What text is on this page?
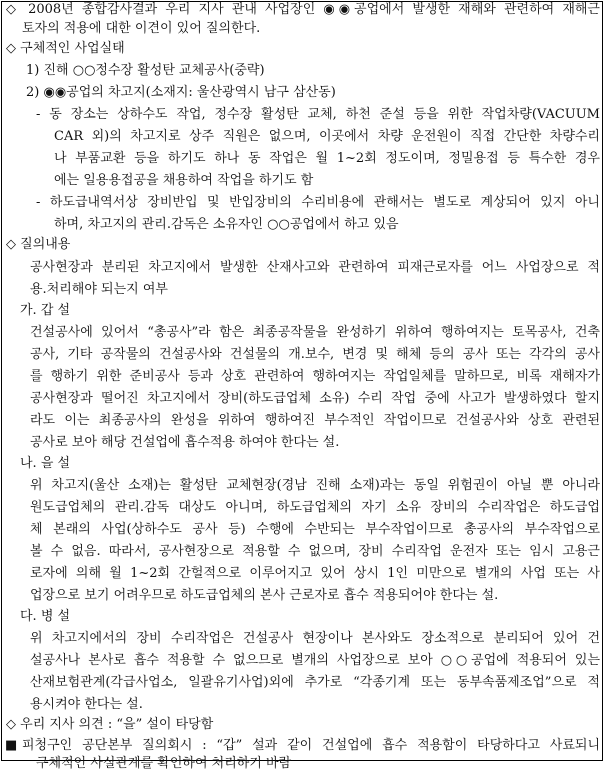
◇ 2008년 종합감사결과 우리 지사 관내 사업장인 ◉◉공업에서 발생한 재해와 관련하여 재해근
토자의 적용에 대한 이견이 있어 질의한다.
◇ 구체적인 사업실태
1) 진해 ○○정수장 활성탄 교체공사(중략)
2) ◉◉공업의 차고지(소재지: 울산광역시 남구 삼산동)
- 동 장소는 상하수도 작업, 정수장 활성탄 교체, 하천 준설 등을 위한 작업차량(VACUUM
CAR 외)의 차고지로 상주 직원은 없으며, 이곳에서 차량 운전원이 직접 간단한 차량수리
나 부품교환 등을 하기도 하나 동 작업은 월 1~2회 정도이며, 정밀용접 등 특수한 경우
에는 일용용접공을 채용하여 작업을 하기도 함
- 하도급내역서상 장비반입 및 반입장비의 수리비용에 관해서는 별도로 계상되어 있지 아니
하며, 차고지의 관리.감독은 소유자인 ○○공업에서 하고 있음
◇ 질의내용
공사현장과 분리된 차고지에서 발생한 산재사고와 관련하여 피재근로자를 어느 사업장으로 적
용.처리해야 되는지 여부
가. 갑 설
건설공사에 있어서 “총공사”라 함은 최종공작물을 완성하기 위하여 행하여지는 토목공사, 건축
공사, 기타 공작물의 건설공사와 건설물의 개.보수, 변경 및 해체 등의 공사 또는 각각의 공사
를 행하기 위한 준비공사 등과 상호 관련하여 행하여지는 작업일체를 말하므로, 비록 재해자가
공사현장과 떨어진 차고지에서 장비(하도급업체 소유) 수리 작업 중에 사고가 발생하였다 할지
라도 이는 최종공사의 완성을 위하여 행하여진 부수적인 작업이므로 건설공사와 상호 관련된
공사로 보아 해당 건설업에 흡수적용 하여야 한다는 설.
나. 을 설
위 차고지(울산 소재)는 활성탄 교체현장(경남 진해 소재)과는 동일 위험권이 아닐 뿐 아니라
원도급업체의 관리.감독 대상도 아니며, 하도급업체의 자기 소유 장비의 수리작업은 하도급업
체 본래의 사업(상하수도 공사 등) 수행에 수반되는 부수작업이므로 총공사의 부수작업으로
볼 수 없음. 따라서, 공사현장으로 적용할 수 없으며, 장비 수리작업 운전자 또는 임시 고용근
로자에 의해 월 1~2회 간헐적으로 이루어지고 있어 상시 1인 미만으로 별개의 사업 또는 사
업장으로 보기 어려우므로 하도급업체의 본사 근로자로 흡수 적용되어야 한다는 설.
다. 병 설
위 차고지에서의 장비 수리작업은 건설공사 현장이나 본사와도 장소적으로 분리되어 있어 건
설공사나 본사로 흡수 적용할 수 없으므로 별개의 사업장으로 보아 ○○공업에 적용되어 있는
산재보험관계(각급사업소, 일괄유기사업)외에 추가로 “각종기계 또는 동부속품제조업”으로 적
용시켜야 한다는 설.
◇ 우리 지사 의견 : “을” 설이 타당함
■ 피청구인 공단본부 질의회시 : “갑” 설과 같이 건설업에 흡수 적용함이 타당하다고 사료되니
구체적인 사실관계를 확인하여 처리하기 바람
